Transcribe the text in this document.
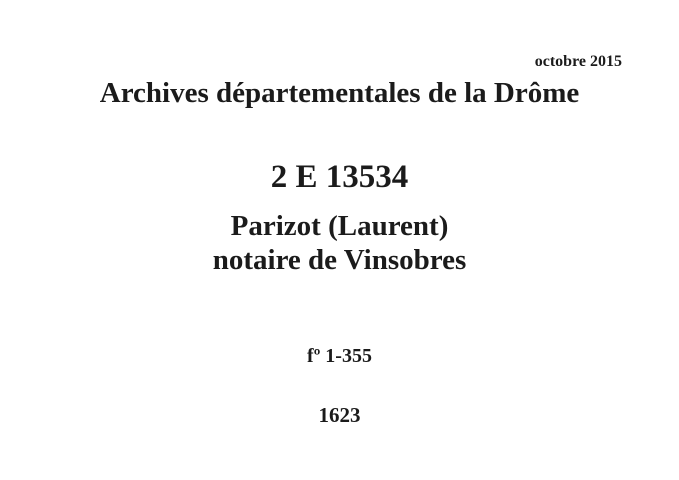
octobre 2015
Archives départementales de la Drôme
2 E 13534
Parizot (Laurent)
notaire de Vinsobres
fº 1-355
1623
